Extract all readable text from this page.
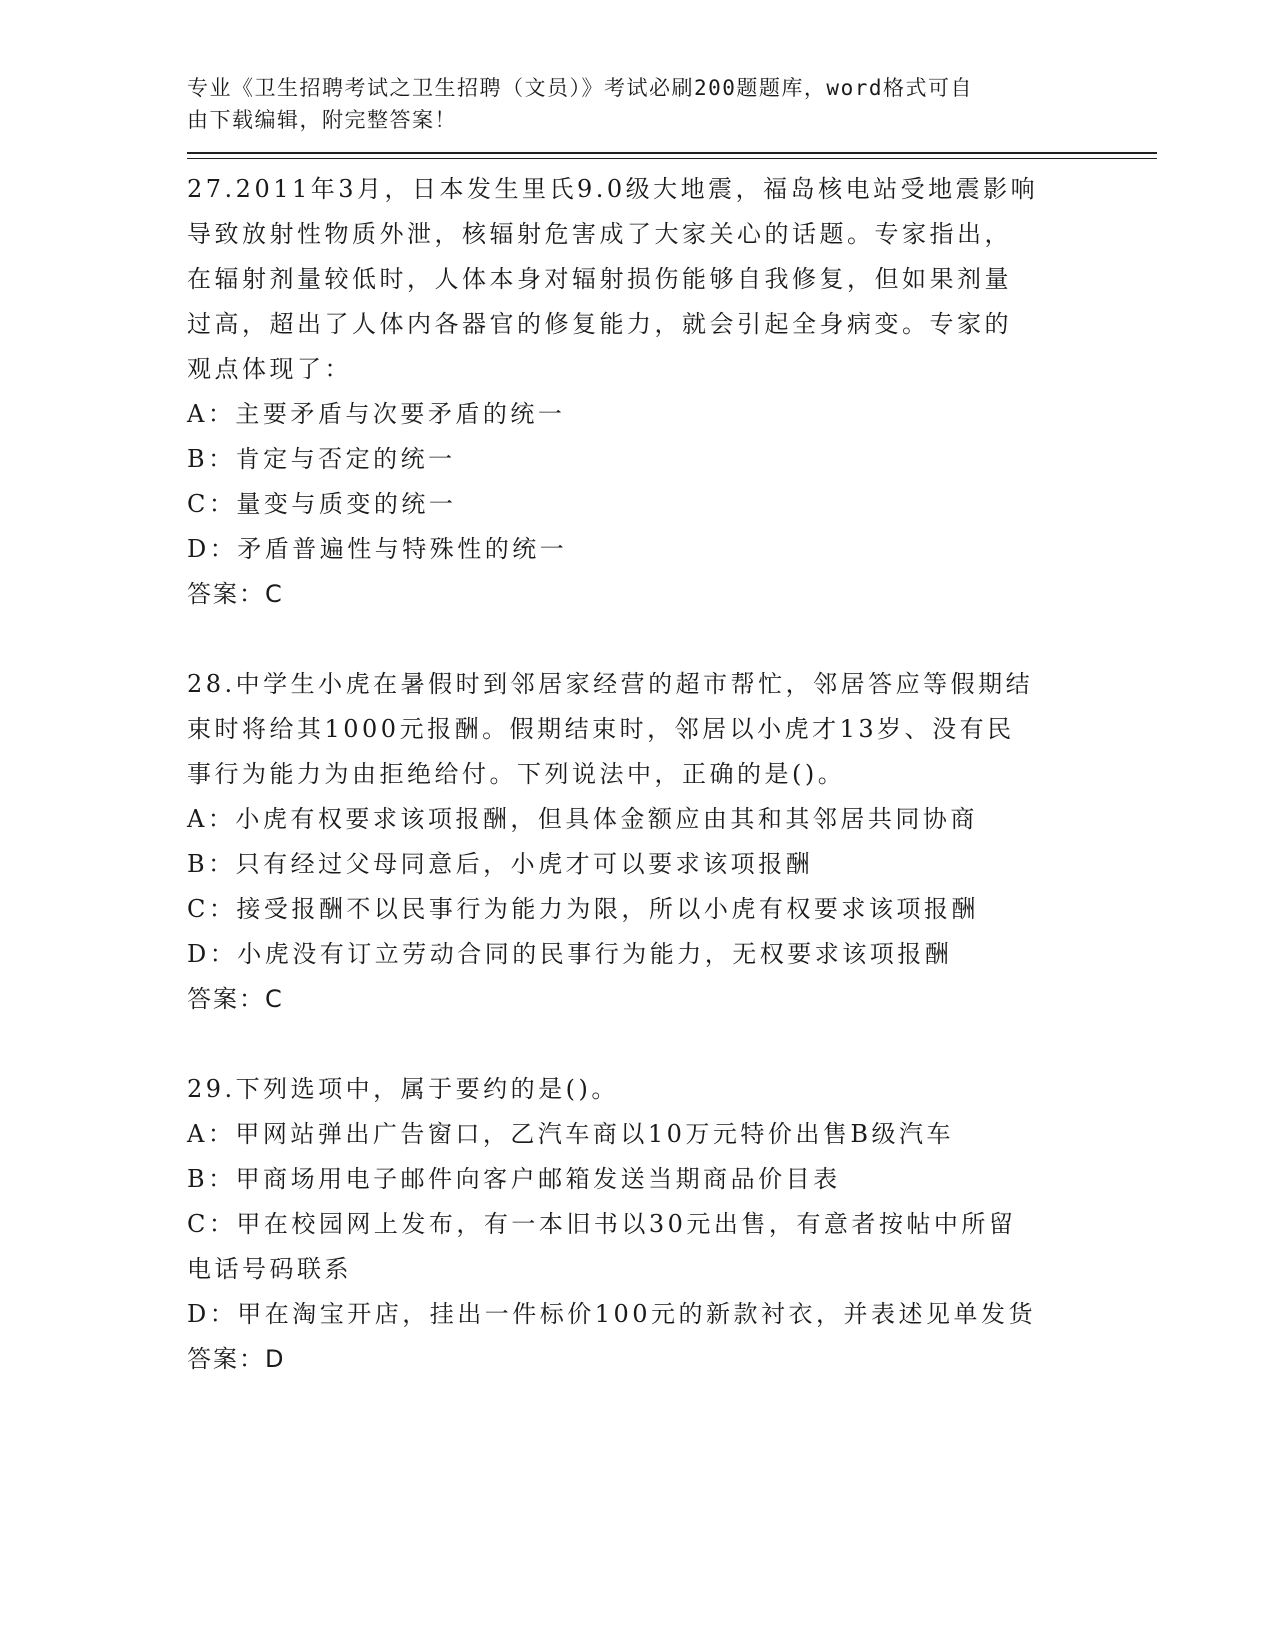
专业《卫生招聘考试之卫生招聘（文员）》考试必刷200题题库，word格式可自
由下载编辑，附完整答案！
27.2011年3月，日本发生里氏9.0级大地震，福岛核电站受地震影响
导致放射性物质外泄，核辐射危害成了大家关心的话题。专家指出，
在辐射剂量较低时，人体本身对辐射损伤能够自我修复，但如果剂量
过高，超出了人体内各器官的修复能力，就会引起全身病变。专家的
观点体现了：
A：主要矛盾与次要矛盾的统一
B：肯定与否定的统一
C：量变与质变的统一
D：矛盾普遍性与特殊性的统一
答案：C
28.中学生小虎在暑假时到邻居家经营的超市帮忙，邻居答应等假期结
束时将给其1000元报酬。假期结束时，邻居以小虎才13岁、没有民
事行为能力为由拒绝给付。下列说法中，正确的是()。
A：小虎有权要求该项报酬，但具体金额应由其和其邻居共同协商
B：只有经过父母同意后，小虎才可以要求该项报酬
C：接受报酬不以民事行为能力为限，所以小虎有权要求该项报酬
D：小虎没有订立劳动合同的民事行为能力，无权要求该项报酬
答案：C
29.下列选项中，属于要约的是()。
A：甲网站弹出广告窗口，乙汽车商以10万元特价出售B级汽车
B：甲商场用电子邮件向客户邮箱发送当期商品价目表
C：甲在校园网上发布，有一本旧书以30元出售，有意者按帖中所留
电话号码联系
D：甲在淘宝开店，挂出一件标价100元的新款衬衣，并表述见单发货
答案：D
